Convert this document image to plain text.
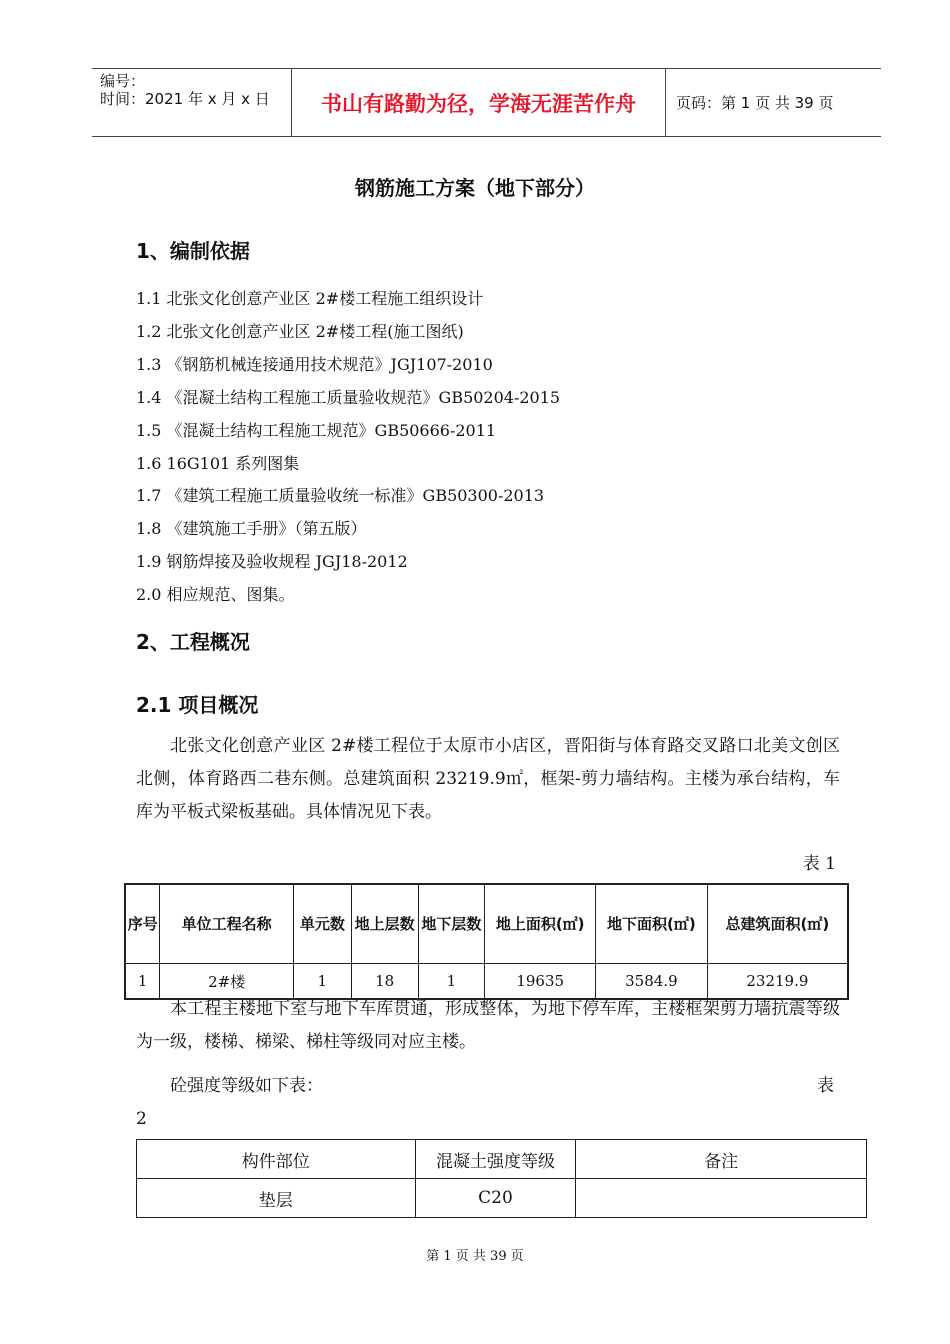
编号：
时间：2021 年 x 月 x 日	书山有路勤为径，学海无涯苦作舟	页码：第 1 页 共 39 页
钢筋施工方案（地下部分）
1、编制依据
1.1 北张文化创意产业区 2#楼工程施工组织设计
1.2 北张文化创意产业区 2#楼工程(施工图纸)
1.3 《钢筋机械连接通用技术规范》JGJ107-2010
1.4 《混凝土结构工程施工质量验收规范》GB50204-2015
1.5 《混凝土结构工程施工规范》GB50666-2011
1.6 16G101 系列图集
1.7 《建筑工程施工质量验收统一标准》GB50300-2013
1.8 《建筑施工手册》（第五版）
1.9 钢筋焊接及验收规程 JGJ18-2012
2.0 相应规范、图集。
2、工程概况
2.1 项目概况
北张文化创意产业区 2#楼工程位于太原市小店区，晋阳街与体育路交叉路口北美文创区北侧，体育路西二巷东侧。总建筑面积 23219.9㎡，框架-剪力墙结构。主楼为承台结构，车库为平板式梁板基础。具体情况见下表。
表 1
序号	单位工程名称	单元数	地上层数	地下层数	地上面积(㎡)	地下面积(㎡)	总建筑面积(㎡)
1	2#楼	1	18	1	19635	3584.9	23219.9
本工程主楼地下室与地下车库贯通，形成整体，为地下停车库，主楼框架剪力墙抗震等级为一级，楼梯、梯梁、梯柱等级同对应主楼。
砼强度等级如下表：	表
2
构件部位	混凝土强度等级	备注
垫层	C20	
第 1 页 共 39 页
